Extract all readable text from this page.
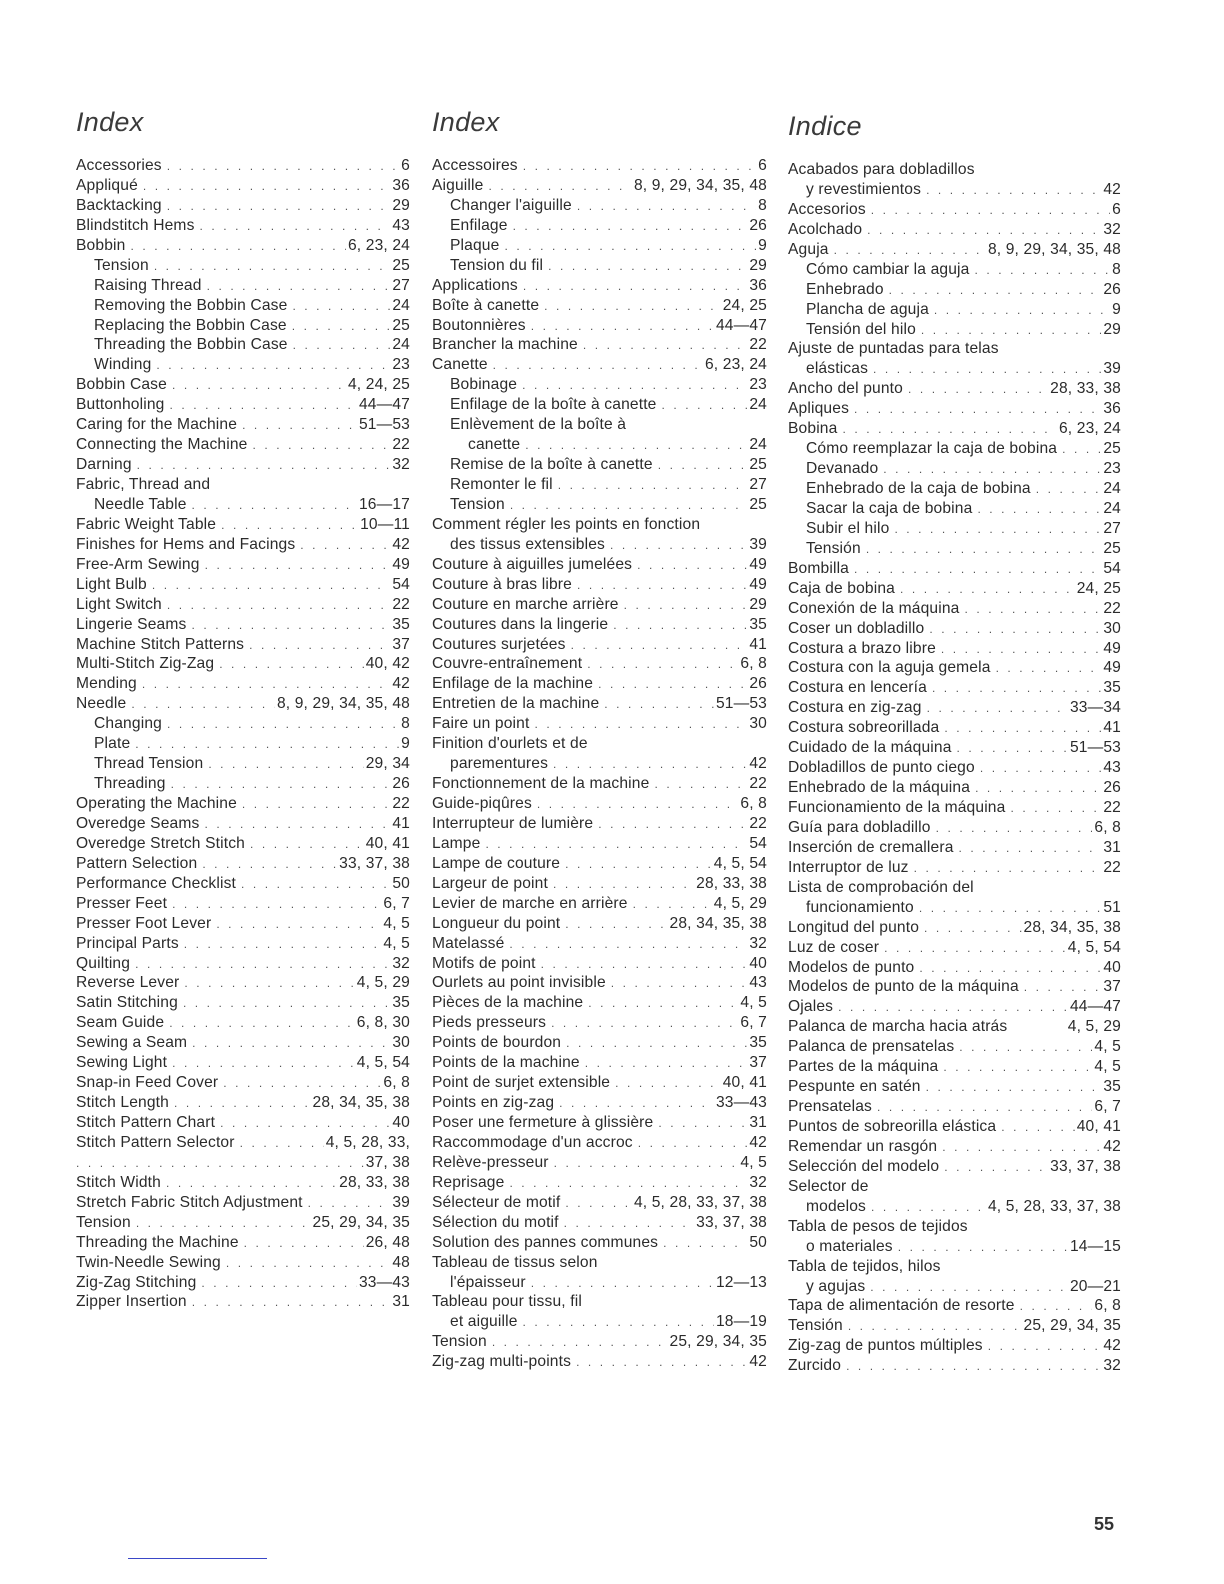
Index
Accessories . . .	6
Appliqué . . .	36
Backtacking . . .	29
Blindstitch Hems . . .	43
Bobbin . . .	6, 23, 24
Tension . . .	25
Raising Thread . . .	27
Removing the Bobbin Case . . .	24
Replacing the Bobbin Case . . .	25
Threading the Bobbin Case . . .	24
Winding . . .	23
Bobbin Case . . .	4, 24, 25
Buttonholing . . .	44—47
Caring for the Machine . . .	51—53
Connecting the Machine . . .	22
Darning . . .	32
Fabric, Thread and
Needle Table . . .	16—17
Fabric Weight Table . . .	10—11
Finishes for Hems and Facings . . .	42
Free-Arm Sewing . . .	49
Light Bulb . . .	54
Light Switch . . .	22
Lingerie Seams . . .	35
Machine Stitch Patterns . . .	37
Multi-Stitch Zig-Zag . . .	40, 42
Mending . . .	42
Needle . . .	8, 9, 29, 34, 35, 48
Changing . . .	8
Plate . . .	9
Thread Tension . . .	29, 34
Threading . . .	26
Operating the Machine . . .	22
Overedge Seams . . .	41
Overedge Stretch Stitch . . .	40, 41
Pattern Selection . . .	33, 37, 38
Performance Checklist . . .	50
Presser Feet . . .	6, 7
Presser Foot Lever . . .	4, 5
Principal Parts . . .	4, 5
Quilting . . .	32
Reverse Lever . . .	4, 5, 29
Satin Stitching . . .	35
Seam Guide . . .	6, 8, 30
Sewing a Seam . . .	30
Sewing Light . . .	4, 5, 54
Snap-in Feed Cover . . .	6, 8
Stitch Length . . .	28, 34, 35, 38
Stitch Pattern Chart . . .	40
Stitch Pattern Selector . . .	4, 5, 28, 33,
. . .
37, 38
Stitch Width . . .	28, 33, 38
Stretch Fabric Stitch Adjustment . . .	39
Tension . . .	25, 29, 34, 35
Threading the Machine . . .	26, 48
Twin-Needle Sewing . . .	48
Zig-Zag Stitching . . .	33—43
Zipper Insertion . . .	31
Index
Accessoires . . .	6
Aiguille . . .	8, 9, 29, 34, 35, 48
Changer l'aiguille . . .	8
Enfilage . . .	26
Plaque . . .	9
Tension du fil . . .	29
Applications . . .	36
Boîte à canette . . .	24, 25
Boutonnières . . .	44—47
Brancher la machine . . .	22
Canette . . .	6, 23, 24
Bobinage . . .	23
Enfilage de la boîte à canette . . .	24
Enlèvement de la boîte à
canette . . .	24
Remise de la boîte à canette . . .	25
Remonter le fil . . .	27
Tension . . .	25
Comment régler les points en fonction
des tissus extensibles . . .	39
Couture à aiguilles jumelées . . .	49
Couture à bras libre . . .	49
Couture en marche arrière . . .	29
Coutures dans la lingerie . . .	35
Coutures surjetées . . .	41
Couvre-entraînement . . .	6, 8
Enfilage de la machine . . .	26
Entretien de la machine . . .	51—53
Faire un point . . .	30
Finition d'ourlets et de
parementures . . .	42
Fonctionnement de la machine . . .	22
Guide-piqûres . . .	6, 8
Interrupteur de lumière . . .	22
Lampe . . .	54
Lampe de couture . . .	4, 5, 54
Largeur de point . . .	28, 33, 38
Levier de marche en arrière . . .	4, 5, 29
Longueur du point . . .	28, 34, 35, 38
Matelassé . . .	32
Motifs de point . . .	40
Ourlets au point invisible . . .	43
Pièces de la machine . . .	4, 5
Pieds presseurs . . .	6, 7
Points de bourdon . . .	35
Points de la machine . . .	37
Point de surjet extensible . . .	40, 41
Points en zig-zag . . .	33—43
Poser une fermeture à glissière . . .	31
Raccommodage d'un accroc . . .	42
Relève-presseur . . .	4, 5
Reprisage . . .	32
Sélecteur de motif . . .	4, 5, 28, 33, 37, 38
Sélection du motif . . .	33, 37, 38
Solution des pannes communes . . .	50
Tableau de tissus selon
l'épaisseur . . .	12—13
Tableau pour tissu, fil
et aiguille . . .	18—19
Tension . . .	25, 29, 34, 35
Zig-zag multi-points . . .	42
Indice
Acabados para dobladillos
y revestimientos . . .	42
Accesorios . . .	6
Acolchado . . .	32
Aguja . . .	8, 9, 29, 34, 35, 48
Cómo cambiar la aguja . . .	8
Enhebrado . . .	26
Plancha de aguja . . .	9
Tensión del hilo . . .	29
Ajuste de puntadas para telas
elásticas . . .	39
Ancho del punto . . .	28, 33, 38
Apliques . . .	36
Bobina . . .	6, 23, 24
Cómo reemplazar la caja de bobina . . .	25
Devanado . . .	23
Enhebrado de la caja de bobina . . .	24
Sacar la caja de bobina . . .	24
Subir el hilo . . .	27
Tensión . . .	25
Bombilla . . .	54
Caja de bobina . . .	24, 25
Conexión de la máquina . . .	22
Coser un dobladillo . . .	30
Costura a brazo libre . . .	49
Costura con la aguja gemela . . .	49
Costura en lencería . . .	35
Costura en zig-zag . . .	33—34
Costura sobreorillada . . .	41
Cuidado de la máquina . . .	51—53
Dobladillos de punto ciego . . .	43
Enhebrado de la máquina . . .	26
Funcionamiento de la máquina . . .	22
Guía para dobladillo . . .	6, 8
Inserción de cremallera . . .	31
Interruptor de luz . . .	22
Lista de comprobación del
funcionamiento . . .	51
Longitud del punto . . .	28, 34, 35, 38
Luz de coser . . .	4, 5, 54
Modelos de punto . . .	40
Modelos de punto de la máquina . . .	37
Ojales . . .	44—47
Palanca de marcha hacia atrás	4, 5, 29
Palanca de prensatelas . . .	4, 5
Partes de la máquina . . .	4, 5
Pespunte en satén . . .	35
Prensatelas . . .	6, 7
Puntos de sobreorilla elástica . . .	40, 41
Remendar un rasgón . . .	42
Selección del modelo . . .	33, 37, 38
Selector de
modelos . . .	4, 5, 28, 33, 37, 38
Tabla de pesos de tejidos
o materiales . . .	14—15
Tabla de tejidos, hilos
y agujas . . .	20—21
Tapa de alimentación de resorte . . .	6, 8
Tensión . . .	25, 29, 34, 35
Zig-zag de puntos múltiples . . .	42
Zurcido . . .	32
55
